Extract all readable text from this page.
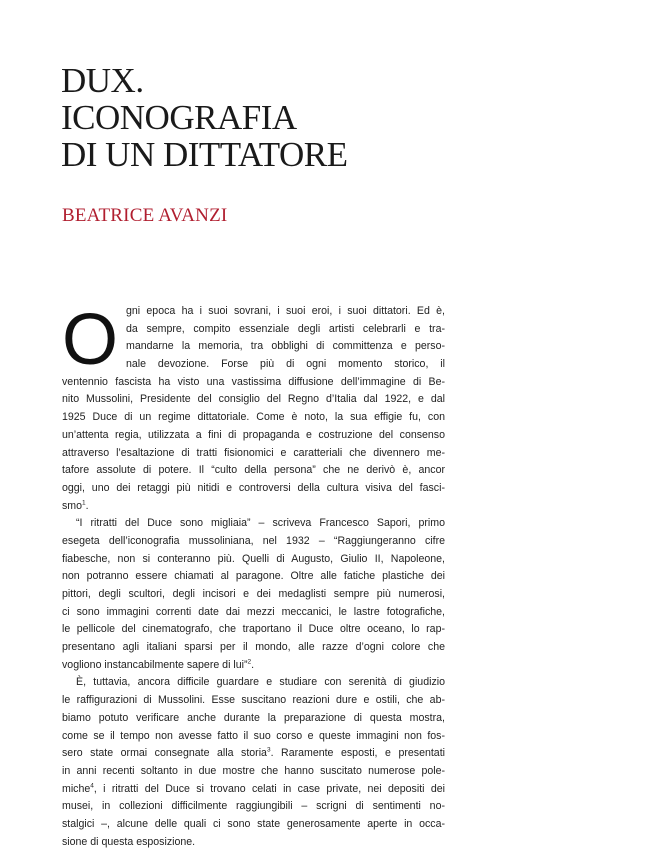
DUX.
ICONOGRAFIA
DI UN DITTATORE
BEATRICE AVANZI
O gni epoca ha i suoi sovrani, i suoi eroi, i suoi dittatori. Ed è,
da sempre, compito essenziale degli artisti celebrarli e tra-
mandarne la memoria, tra obblighi di committenza e perso-
nale devozione. Forse più di ogni momento storico, il
ventennio fascista ha visto una vastissima diffusione dell’immagine di Be-
nito Mussolini, Presidente del consiglio del Regno d’Italia dal 1922, e dal
1925 Duce di un regime dittatoriale. Come è noto, la sua effigie fu, con
un’attenta regia, utilizzata a fini di propaganda e costruzione del consenso
attraverso l’esaltazione di tratti fisionomici e caratteriali che divennero me-
tafore assolute di potere. Il “culto della persona” che ne derivò è, ancor
oggi, uno dei retaggi più nitidi e controversi della cultura visiva del fasci-
smo$^1$.
“I ritratti del Duce sono migliaia” – scriveva Francesco Sapori, primo
esegeta dell’iconografia mussoliniana, nel 1932 – “Raggiungeranno cifre
fiabesche, non si conteranno più. Quelli di Augusto, Giulio II, Napoleone,
non potranno essere chiamati al paragone. Oltre alle fatiche plastiche dei
pittori, degli scultori, degli incisori e dei medaglisti sempre più numerosi,
ci sono immagini correnti date dai mezzi meccanici, le lastre fotografiche,
le pellicole del cinematografo, che traportano il Duce oltre oceano, lo rap-
presentano agli italiani sparsi per il mondo, alle razze d’ogni colore che
vogliono instancabilmente sapere di lui”$^2$.
È, tuttavia, ancora difficile guardare e studiare con serenità di giudizio
le raffigurazioni di Mussolini. Esse suscitano reazioni dure e ostili, che ab-
biamo potuto verificare anche durante la preparazione di questa mostra,
come se il tempo non avesse fatto il suo corso e queste immagini non fos-
sero state ormai consegnate alla storia$^3$. Raramente esposti, e presentati
in anni recenti soltanto in due mostre che hanno suscitato numerose pole-
miche$^4$, i ritratti del Duce si trovano celati in case private, nei depositi dei
musei, in collezioni difficilmente raggiungibili – scrigni di sentimenti no-
stalgici –, alcune delle quali ci sono state generosamente aperte in occa-
sione di questa esposizione.
